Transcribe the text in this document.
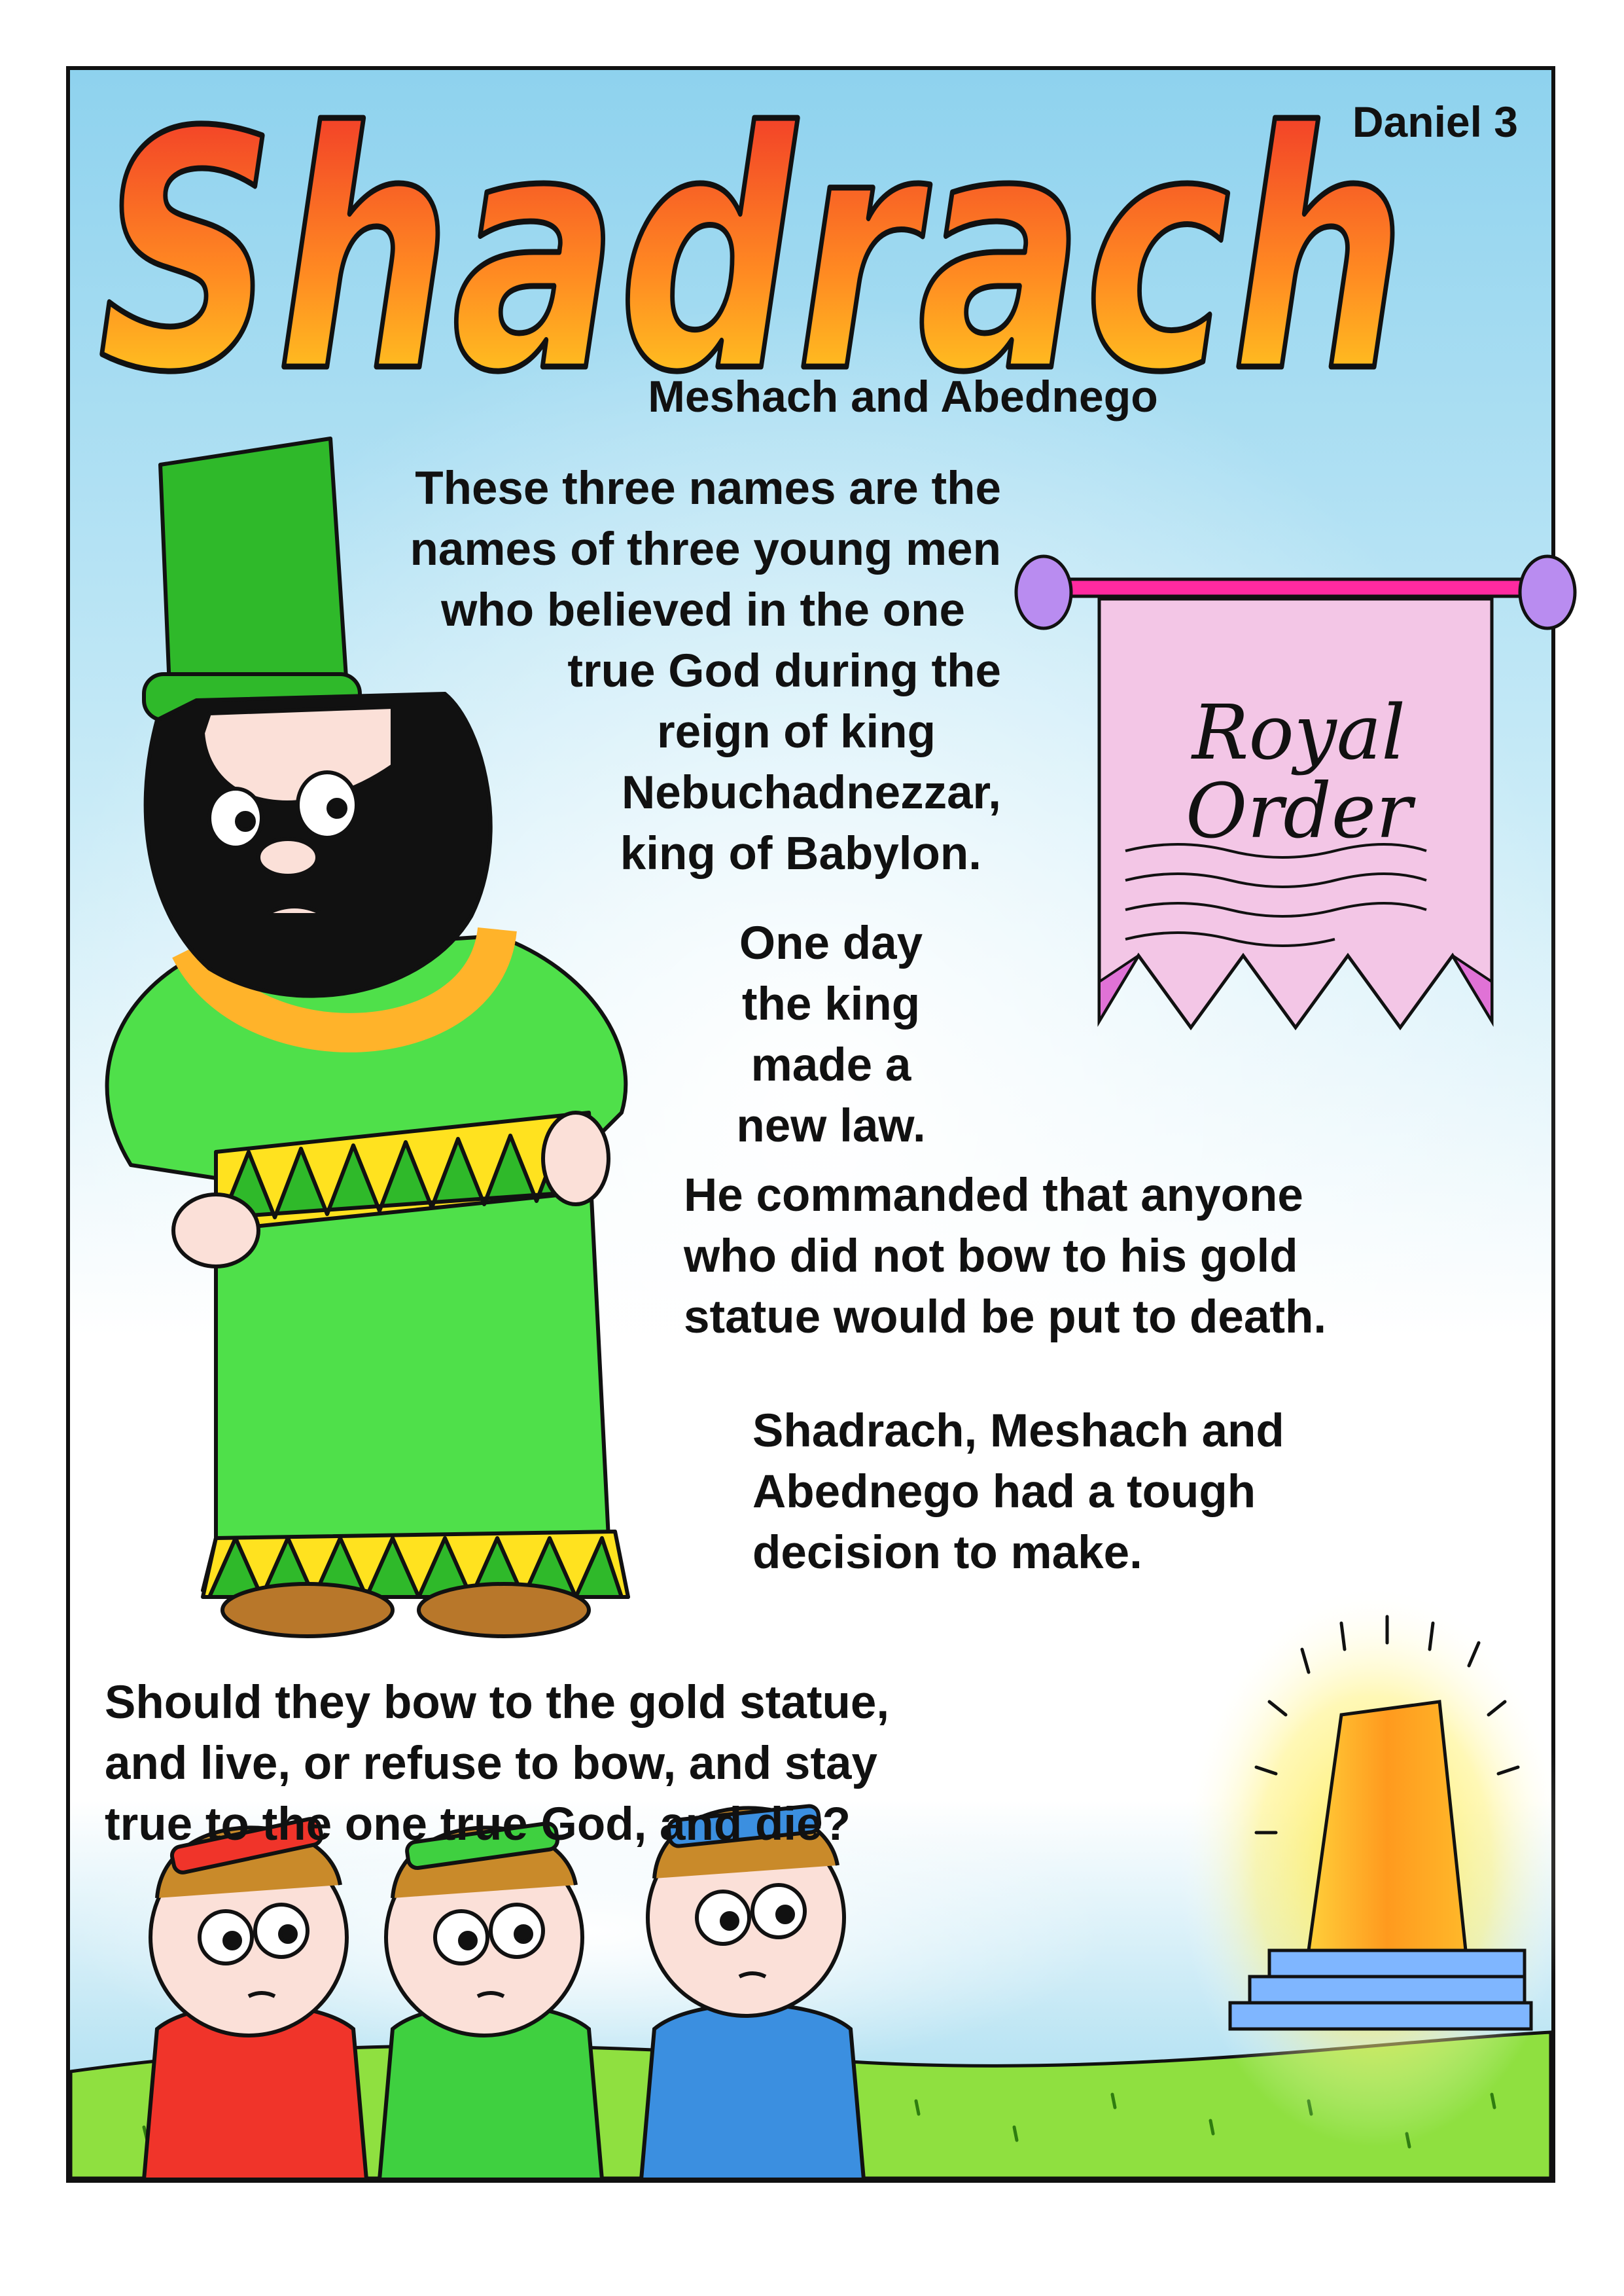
Shadrach
Royal
Order
Daniel 3
Meshach and Abednego
These three names are the
names of three young men
who believed in the one
true God during the
reign of king
Nebuchadnezzar,
king of Babylon.
One day
the king
made a
new law.
He commanded that anyone
who did not bow to his gold
statue would be put to death.
Shadrach, Meshach and
Abednego had a tough
decision to make.
Should they bow to the gold statue,
and live, or refuse to bow, and stay
true to the one true God, and die?
